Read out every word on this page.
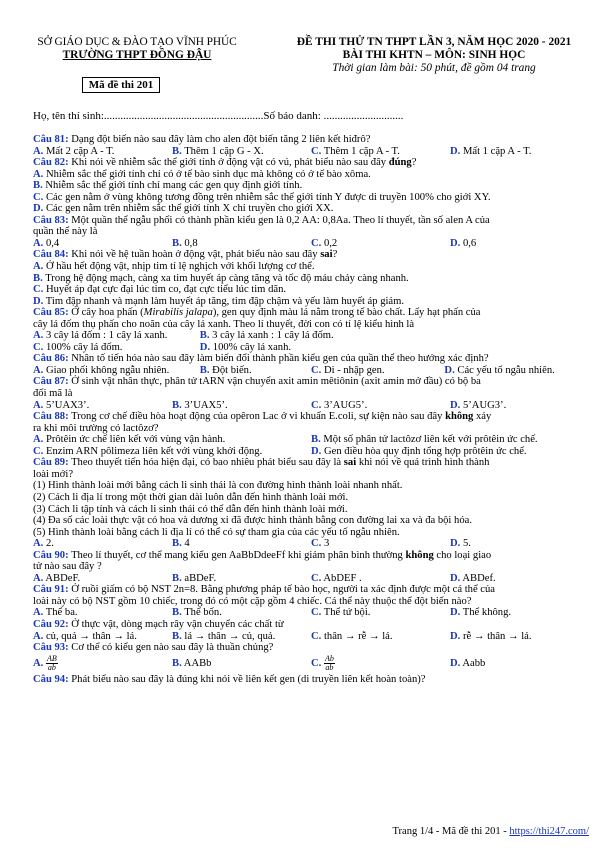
SỞ GIÁO DỤC & ĐÀO TẠO VĨNH PHÚC
TRƯỜNG THPT ĐỒNG ĐẬU
ĐỀ THI THỬ TN THPT LẦN 3, NĂM HỌC 2020 - 2021
BÀI THI KHTN – MÔN: SINH HỌC
Thời gian làm bài: 50 phút, đề gồm 04 trang
Mã đề thi 201
Họ, tên thí sinh:..........................................................Số báo danh: .............................

Câu 81: Dạng đột biến nào sau đây làm cho alen đột biến tăng 2 liên kết hiđrô?

A. Mất 2 cặp A - T.	B. Thêm 1 cặp G - X.	C. Thêm 1 cặp A - T.	D. Mất 1 cặp A - T.

Câu 82: Khi nói về nhiễm sắc thể giới tính ở động vật có vú, phát biểu nào sau đây đúng?

A. Nhiễm sắc thể giới tính chỉ có ở tế bào sinh dục mà không có ở tế bào xôma.

B. Nhiễm sắc thể giới tính chỉ mang các gen quy định giới tính.

C. Các gen nằm ở vùng không tương đồng trên nhiễm sắc thể giới tính Y được di truyền 100% cho giới XY.

D. Các gen nằm trên nhiễm sắc thể giới tính X chỉ truyền cho giới XX.

Câu 83: Một quần thể ngẫu phối có thành phần kiểu gen là 0,2 AA: 0,8Aa. Theo lí thuyết, tần số alen A của

quần thể này là

A. 0,4	B. 0,8	C. 0,2	D. 0,6

Câu 84: Khi nói về hệ tuần hoàn ở động vật, phát biểu nào sau đây sai?

A. Ở hầu hết động vật, nhịp tim tỉ lệ nghịch với khối lượng cơ thể.

B. Trong hệ động mạch, càng xa tim huyết áp càng tăng và tốc độ máu chảy càng nhanh.

C. Huyết áp đạt cực đại lúc tim co, đạt cực tiểu lúc tim dãn.

D. Tim đập nhanh và mạnh làm huyết áp tăng, tim đập chậm và yếu làm huyết áp giảm.

Câu 85: Ở cây hoa phấn (Mirabilis jalapa), gen quy định màu lá nằm trong tế bào chất. Lấy hạt phấn của

cây lá đốm thụ phấn cho noãn của cây lá xanh. Theo lí thuyết, đời con có tỉ lệ kiểu hình là

A. 3 cây lá đốm : 1 cây lá xanh.	B. 3 cây lá xanh : 1 cây lá đốm.
C. 100% cây lá đốm.	D. 100% cây lá xanh.

Câu 86: Nhân tố tiến hóa nào sau đây làm biến đổi thành phần kiểu gen của quần thể theo hướng xác định?

A. Giao phối không ngẫu nhiên.	B. Đột biến.	C. Di - nhập gen.	D. Các yếu tố ngẫu nhiên.

Câu 87: Ở sinh vật nhân thực, phân tử tARN vận chuyển axit amin mêtiônin (axit amin mở đầu) có bộ ba

đối mã là

A. 5’UAX3’.	B. 3’UAX5’.	C. 3’AUG5’.	D. 5’AUG3’.

Câu 88: Trong cơ chế điều hòa hoạt động của opêron Lac ở vi khuẩn E.coli, sự kiện nào sau đây không xảy

ra khi môi trường có lactôzơ?

A. Prôtêin ức chế liên kết với vùng vận hành.	B. Một số phân tử lactôzơ liên kết với prôtêin ức chế.
C. Enzim ARN pôlimeza liên kết với vùng khởi động.	D. Gen điều hòa quy định tổng hợp prôtêin ức chế.

Câu 89: Theo thuyết tiến hóa hiện đại, có bao nhiêu phát biểu sau đây là sai khi nói về quá trình hình thành

loài mới?

(1) Hình thành loài mới bằng cách li sinh thái là con đường hình thành loài nhanh nhất.

(2) Cách li địa lí trong một thời gian dài luôn dẫn đến hình thành loài mới.

(3) Cách li tập tính và cách li sinh thái có thể dẫn đến hình thành loài mới.

(4) Đa số các loài thực vật có hoa và dương xỉ đã được hình thành bằng con đường lai xa và đa bội hóa.

(5) Hình thành loài bằng cách li địa lí có thể có sự tham gia của các yếu tố ngẫu nhiên.

A. 2.	B. 4	C. 3	D. 5.

Câu 90: Theo lí thuyết, cơ thể mang kiểu gen AaBbDdeeFf khi giảm phân bình thường không cho loại giao

tử nào sau đây ?

A. ABDeF.	B. aBDeF.	C. AbDEF .	D. ABDef.

Câu 91: Ở ruồi giấm có bộ NST 2n=8. Bằng phương pháp tế bào học, người ta xác định được một cá thể của

loài này có bộ NST gồm 10 chiếc, trong đó có một cặp gồm 4 chiếc. Cá thể này thuộc thể đột biến nào?

A. Thể ba.	B. Thể bốn.	C. Thể tứ bội.	D. Thể không.

Câu 92: Ở thực vật, dòng mạch rây vận chuyển các chất từ

A. củ, quả → thân → lá.	B. lá → thân → củ, quả.	C. thân → rễ → lá.	D. rễ → thân → lá.

Câu 93: Cơ thể có kiểu gen nào sau đây là thuần chủng?

A. $\frac{AB}{ab}$	B. AABb	C. $\frac{Ab}{ab}$	D. Aabb

Câu 94: Phát biểu nào sau đây là đúng khi nói về liên kết gen (di truyền liên kết hoàn toàn)?

Trang 1/4 - Mã đề thi 201 - https://thi247.com/
